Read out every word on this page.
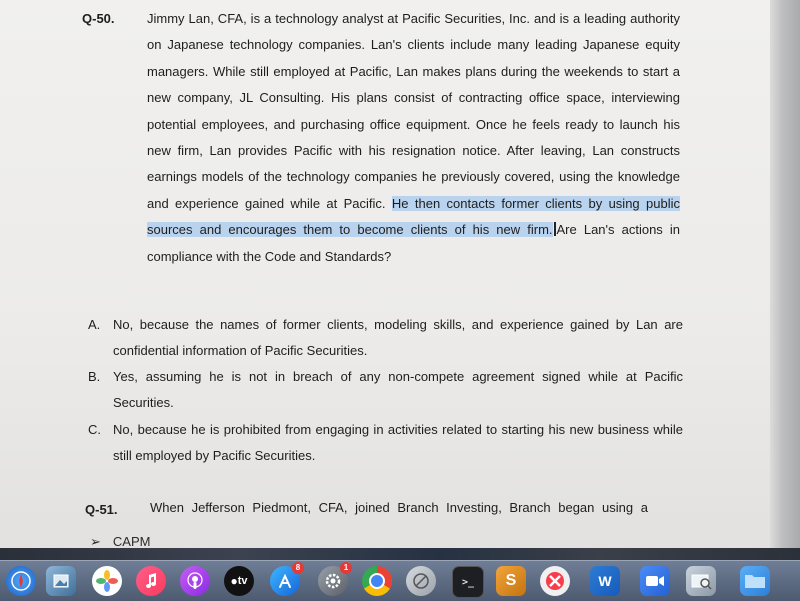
Q-50. Jimmy Lan, CFA, is a technology analyst at Pacific Securities, Inc. and is a leading authority on Japanese technology companies. Lan's clients include many leading Japanese equity managers. While still employed at Pacific, Lan makes plans during the weekends to start a new company, JL Consulting. His plans consist of contracting office space, interviewing potential employees, and purchasing office equipment. Once he feels ready to launch his new firm, Lan provides Pacific with his resignation notice. After leaving, Lan constructs earnings models of the technology companies he previously covered, using the knowledge and experience gained while at Pacific. He then contacts former clients by using public sources and encourages them to become clients of his new firm. Are Lan's actions in compliance with the Code and Standards?
A. No, because the names of former clients, modeling skills, and experience gained by Lan are confidential information of Pacific Securities.
B. Yes, assuming he is not in breach of any non-compete agreement signed while at Pacific Securities.
C. No, because he is prohibited from engaging in activities related to starting his new business while still employed by Pacific Securities.
Q-51. When Jefferson Piedmont, CFA, joined Branch Investing, Branch began using a
➢ CAPM
● tv
8	1
>_ S	W
